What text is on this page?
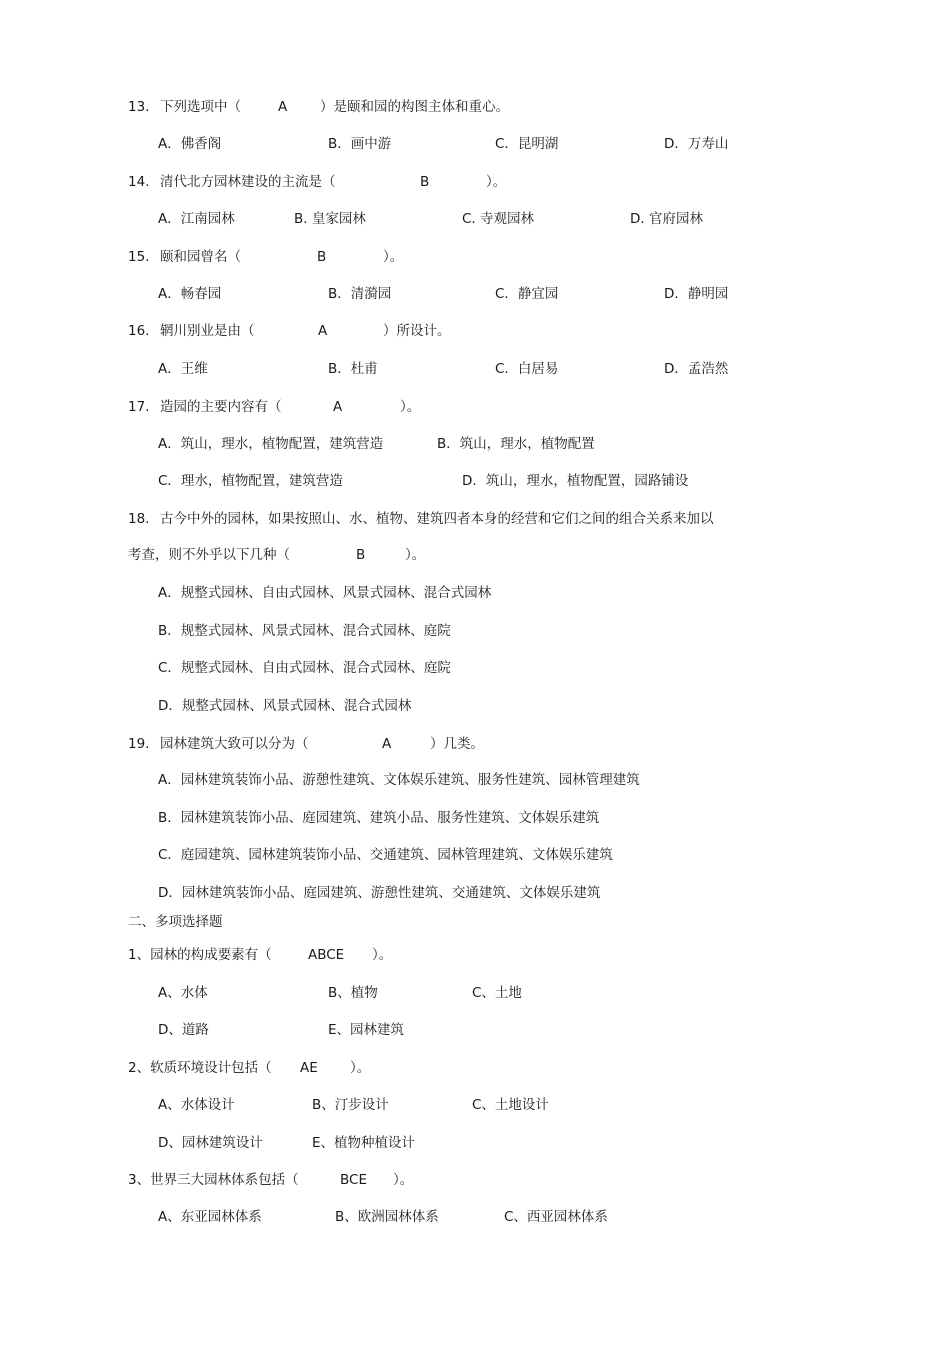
13. 下列选项中（	A ）是颐和园的构图主体和重心。
A．佛香阁	B．画中游	C．昆明湖	D．万寿山
14. 清代北方园林建设的主流是（	B	）。
A．江南园林	B. 皇家园林	C. 寺观园林	D. 官府园林
15. 颐和园曾名（	B	）。
A．畅春园	B．清漪园	C．静宜园	D．静明园
16. 辋川别业是由（	A	）所设计。
A．王维	B．杜甫	C．白居易	D．孟浩然
17. 造园的主要内容有（	A	）。
A．筑山，理水，植物配置，建筑营造	B．筑山，理水，植物配置
C．理水，植物配置，建筑营造	D．筑山，理水，植物配置，园路铺设
18. 古今中外的园林，如果按照山、水、植物、建筑四者本身的经营和它们之间的组合关系来加以
考查，则不外乎以下几种（	B	）。
A．规整式园林、自由式园林、风景式园林、混合式园林
B．规整式园林、风景式园林、混合式园林、庭院
C．规整式园林、自由式园林、混合式园林、庭院
D．规整式园林、风景式园林、混合式园林
19. 园林建筑大致可以分为（	A	）几类。
A．园林建筑装饰小品、游憩性建筑、文体娱乐建筑、服务性建筑、园林管理建筑
B．园林建筑装饰小品、庭园建筑、建筑小品、服务性建筑、文体娱乐建筑
C．庭园建筑、园林建筑装饰小品、交通建筑、园林管理建筑、文体娱乐建筑
D．园林建筑装饰小品、庭园建筑、游憩性建筑、交通建筑、文体娱乐建筑
二、多项选择题
1、园林的构成要素有（	ABCE ）。
A、水体	B、植物	C、土地
D、道路	E、园林建筑
2、软质环境设计包括（ AE ）。
A、水体设计	B、汀步设计	C、土地设计
D、园林建筑设计	E、植物种植设计
3、世界三大园林体系包括（	BCE ）。
A、东亚园林体系	B、欧洲园林体系	C、西亚园林体系
